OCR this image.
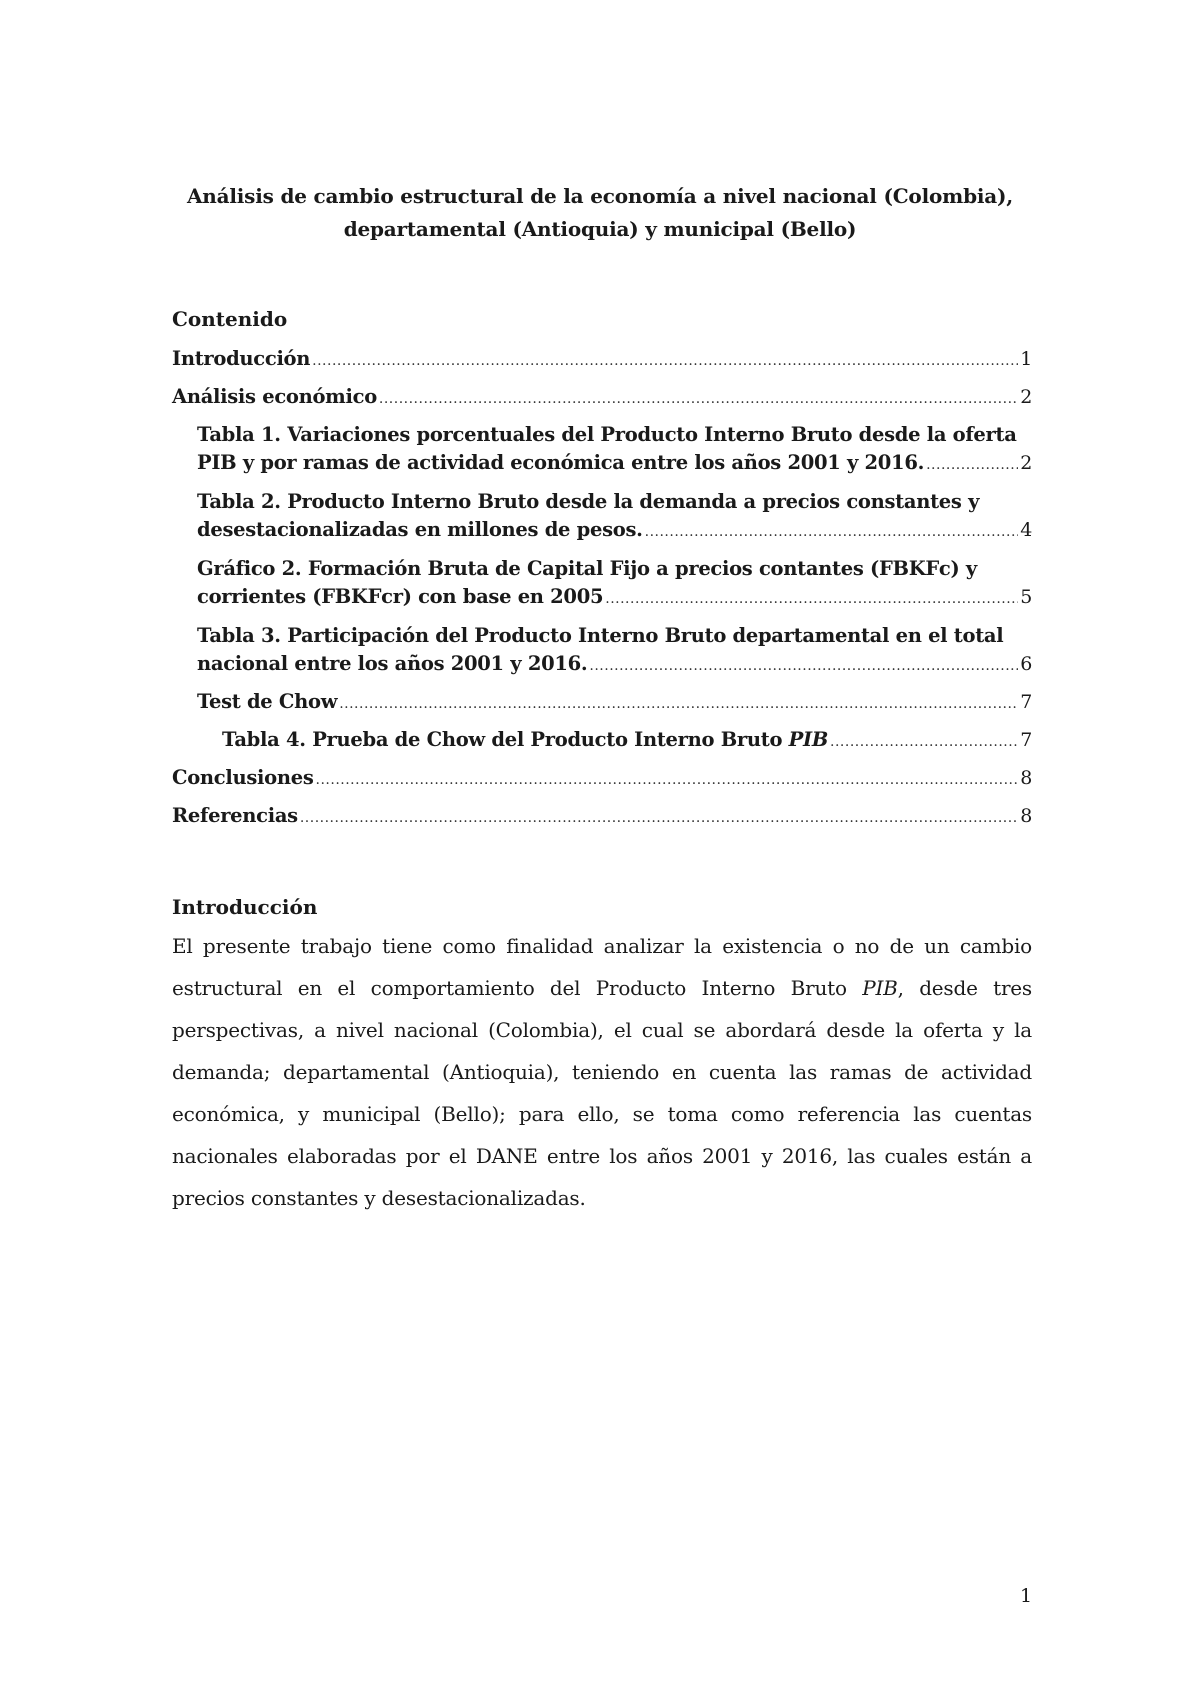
Análisis de cambio estructural de la economía a nivel nacional (Colombia),
departamental (Antioquia) y municipal (Bello)
Contenido
Introducción .....	1
Análisis económico .....	2
Tabla 1. Variaciones porcentuales del Producto Interno Bruto desde la oferta
PIB y por ramas de actividad económica entre los años 2001 y 2016. .....	2
Tabla 2. Producto Interno Bruto desde la demanda a precios constantes y
desestacionalizadas en millones de pesos. .....	4
Gráfico 2. Formación Bruta de Capital Fijo a precios contantes (FBKFc) y
corrientes (FBKFcr) con base en 2005 .....	5
Tabla 3. Participación del Producto Interno Bruto departamental en el total
nacional entre los años 2001 y 2016. .....	6
Test de Chow .....	7
Tabla 4. Prueba de Chow del Producto Interno Bruto PIB .....	7
Conclusiones .....	8
Referencias .....	8
Introducción

El presente trabajo tiene como finalidad analizar la existencia o no de un cambio estructural en el comportamiento del Producto Interno Bruto PIB, desde tres perspectivas, a nivel nacional (Colombia), el cual se abordará desde la oferta y la demanda; departamental (Antioquia), teniendo en cuenta las ramas de actividad económica, y municipal (Bello); para ello, se toma como referencia las cuentas nacionales elaboradas por el DANE entre los años 2001 y 2016, las cuales están a precios constantes y desestacionalizadas.

1
